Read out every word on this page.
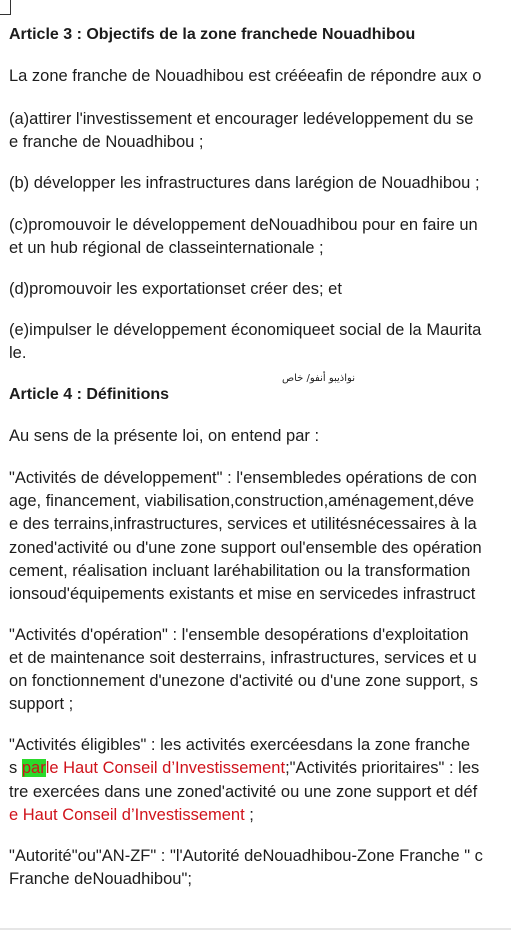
Article 3 : Objectifs de la zone franchede Nouadhibou
La zone franche de Nouadhibou est crééeafin de répondre aux o
(a)attirer l'investissement et encourager ledéveloppement du se
e franche de Nouadhibou ;
(b) développer les infrastructures dans larégion de Nouadhibou ;
(c)promouvoir le développement deNouadhibou pour en faire un
et un hub régional de classeinternationale ;
(d)promouvoir les exportationset créer des; et
(e)impulser le développement économiqueet social de la Maurita
le.
Article 4 : Définitions
نواذيبو أنفو/ خاص
Au sens de la présente loi, on entend par :
"Activités de développement" : l'ensembledes opérations de con
age, financement, viabilisation,construction,aménagement,déve
e des terrains,infrastructures, services et utilitésnécessaires à la
zoned'activité ou d'une zone support oul'ensemble des opération
cement, réalisation incluant laréhabilitation ou la transformation
ionsoud'équipements existants et mise en servicedes infrastruct
"Activités d'opération" : l'ensemble desopérations d'exploitation
et de maintenance soit desterrains, infrastructures, services et u
on fonctionnement d'unezone d'activité ou d'une zone support, s
support ;
"Activités éligibles" : les activités exercéesdans la zone franche
s parle Haut Conseil d’Investissement;"Activités prioritaires" : les
tre exercées dans une zoned'activité ou une zone support et déf
e Haut Conseil d’Investissement ;
"Autorité"ou"AN-ZF" : "l'Autorité deNouadhibou-Zone Franche " c
Franche deNouadhibou";
